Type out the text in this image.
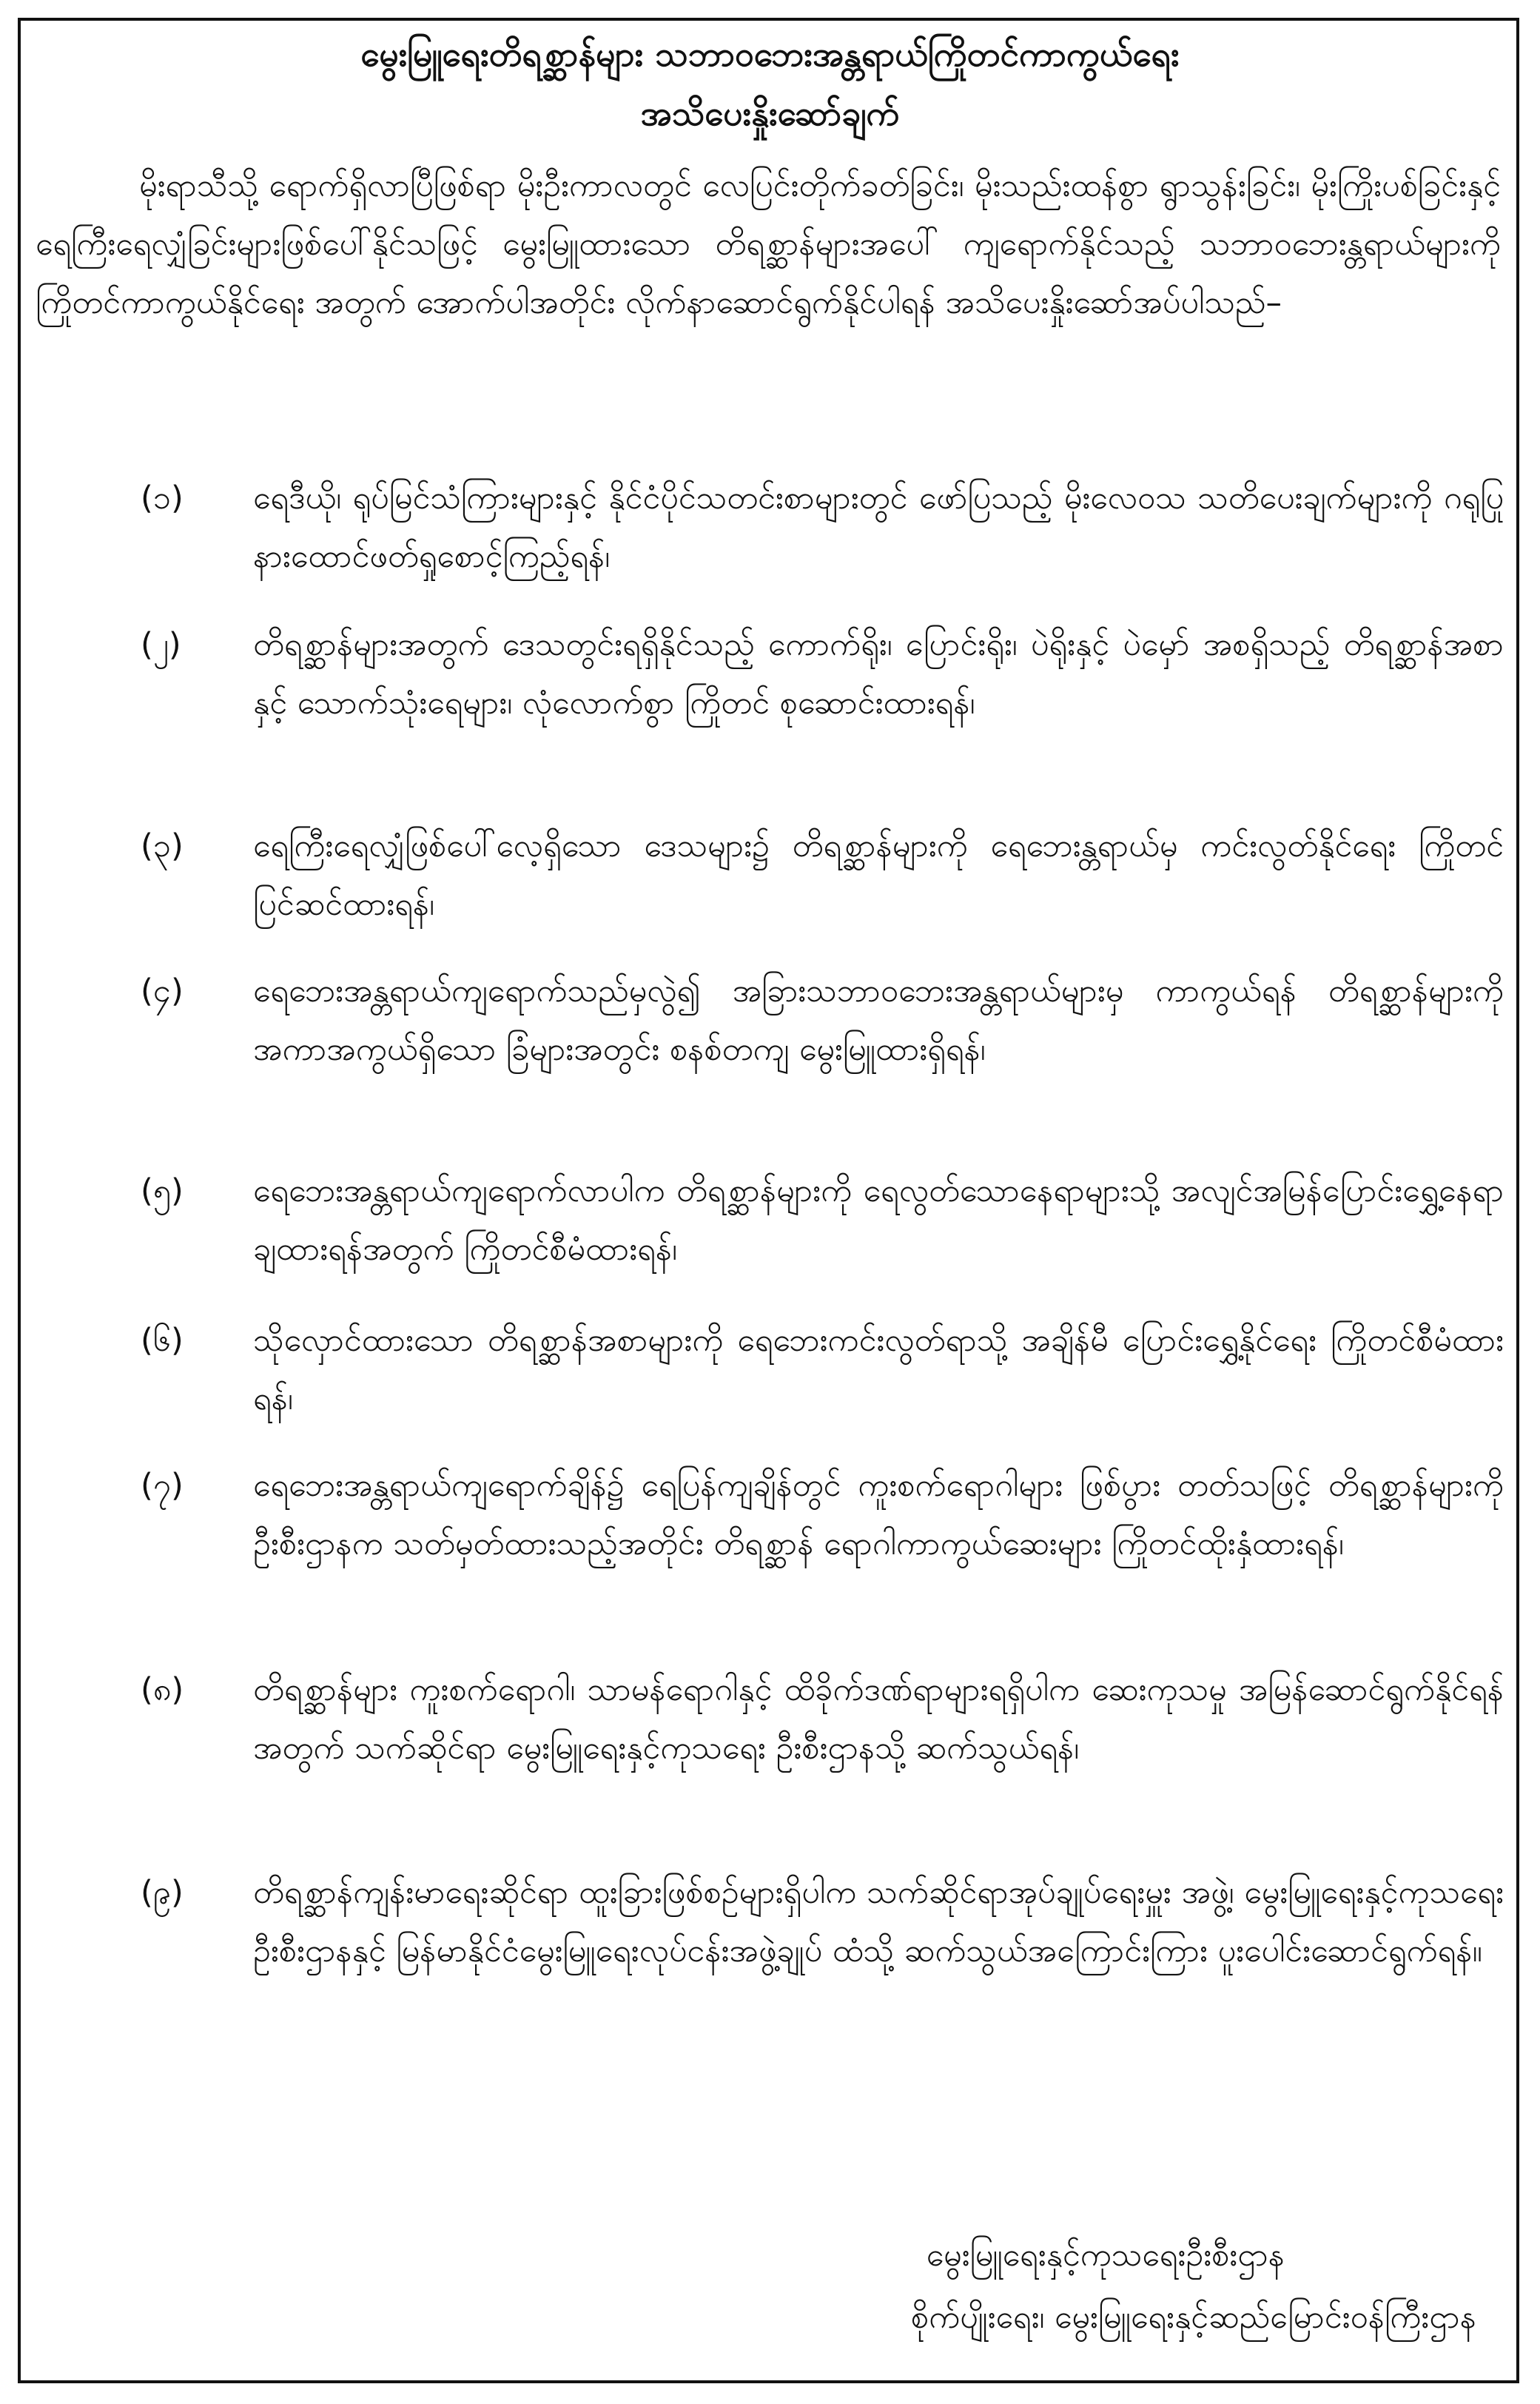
မွေးမြူရေးတိရစ္ဆာန်များ သဘာဝဘေးအန္တရာယ်ကြိုတင်ကာကွယ်ရေး
အသိပေးနှိုးဆော်ချက်

မိုးရာသီသို့ ရောက်ရှိလာပြီဖြစ်ရာ မိုးဦးကာလတွင် လေပြင်းတိုက်ခတ်ခြင်း၊ မိုးသည်းထန်စွာ ရွာသွန်းခြင်း၊ မိုးကြိုးပစ်ခြင်းနှင့် ရေကြီးရေလျှံခြင်းများဖြစ်ပေါ်နိုင်သဖြင့် မွေးမြူထားသော တိရစ္ဆာန်များအပေါ် ကျရောက်နိုင်သည့် သဘာဝဘေးန္တရာယ်များကို ကြိုတင်ကာကွယ်နိုင်ရေး အတွက် အောက်ပါအတိုင်း လိုက်နာဆောင်ရွက်နိုင်ပါရန် အသိပေးနှိုးဆော်အပ်ပါသည်–

(၁)	ရေဒီယို၊ ရုပ်မြင်သံကြားများနှင့် နိုင်ငံပိုင်သတင်းစာများတွင် ဖော်ပြသည့် မိုးလေဝသ သတိပေးချက်များကို ဂရုပြုနားထောင်ဖတ်ရှုစောင့်ကြည့်ရန်၊

(၂)	တိရစ္ဆာန်များအတွက် ဒေသတွင်းရရှိနိုင်သည့် ကောက်ရိုး၊ ပြောင်းရိုး၊ ပဲရိုးနှင့် ပဲမှော် အစရှိသည့် တိရစ္ဆာန်အစာနှင့် သောက်သုံးရေများ၊ လုံလောက်စွာ ကြိုတင် စုဆောင်းထားရန်၊

(၃)	ရေကြီးရေလျှံဖြစ်ပေါ်လေ့ရှိသော ဒေသများ၌ တိရစ္ဆာန်များကို ရေဘေးန္တရာယ်မှ ကင်းလွတ်နိုင်ရေး ကြိုတင်ပြင်ဆင်ထားရန်၊

(၄)	ရေဘေးအန္တရာယ်ကျရောက်သည်မှလွဲ၍ အခြားသဘာဝဘေးအန္တရာယ်များမှ ကာကွယ်ရန် တိရစ္ဆာန်များကို အကာအကွယ်ရှိသော ခြံများအတွင်း စနစ်တကျ မွေးမြူထားရှိရန်၊

(၅)	ရေဘေးအန္တရာယ်ကျရောက်လာပါက တိရစ္ဆာန်များကို ရေလွတ်သောနေရာများသို့ အလျင်အမြန်ပြောင်းရွှေ့နေရာချထားရန်အတွက် ကြိုတင်စီမံထားရန်၊

(၆)	သိုလှောင်ထားသော တိရစ္ဆာန်အစာများကို ရေဘေးကင်းလွတ်ရာသို့ အချိန်မီ ပြောင်းရွှေ့နိုင်ရေး ကြိုတင်စီမံထားရန်၊

(၇)	ရေဘေးအန္တရာယ်ကျရောက်ချိန်၌ ရေပြန်ကျချိန်တွင် ကူးစက်ရောဂါများ ဖြစ်ပွား တတ်သဖြင့် တိရစ္ဆာန်များကို ဦးစီးဌာနက သတ်မှတ်ထားသည့်အတိုင်း တိရစ္ဆာန် ရောဂါကာကွယ်ဆေးများ ကြိုတင်ထိုးနှံထားရန်၊

(၈)	တိရစ္ဆာန်များ ကူးစက်ရောဂါ၊ သာမန်ရောဂါနှင့် ထိခိုက်ဒဏ်ရာများရရှိပါက ဆေးကုသမှု အမြန်ဆောင်ရွက်နိုင်ရန်အတွက် သက်ဆိုင်ရာ မွေးမြူရေးနှင့်ကုသရေး ဦးစီးဌာနသို့ ဆက်သွယ်ရန်၊

(၉)	တိရစ္ဆာန်ကျန်းမာရေးဆိုင်ရာ ထူးခြားဖြစ်စဉ်များရှိပါက သက်ဆိုင်ရာအုပ်ချုပ်ရေးမှူး အဖွဲ့၊ မွေးမြူရေးနှင့်ကုသရေးဦးစီးဌာနနှင့် မြန်မာနိုင်ငံမွေးမြူရေးလုပ်ငန်းအဖွဲ့ချုပ် ထံသို့ ဆက်သွယ်အကြောင်းကြား ပူးပေါင်းဆောင်ရွက်ရန်။

မွေးမြူရေးနှင့်ကုသရေးဦးစီးဌာန
စိုက်ပျိုးရေး၊ မွေးမြူရေးနှင့်ဆည်မြောင်းဝန်ကြီးဌာန
